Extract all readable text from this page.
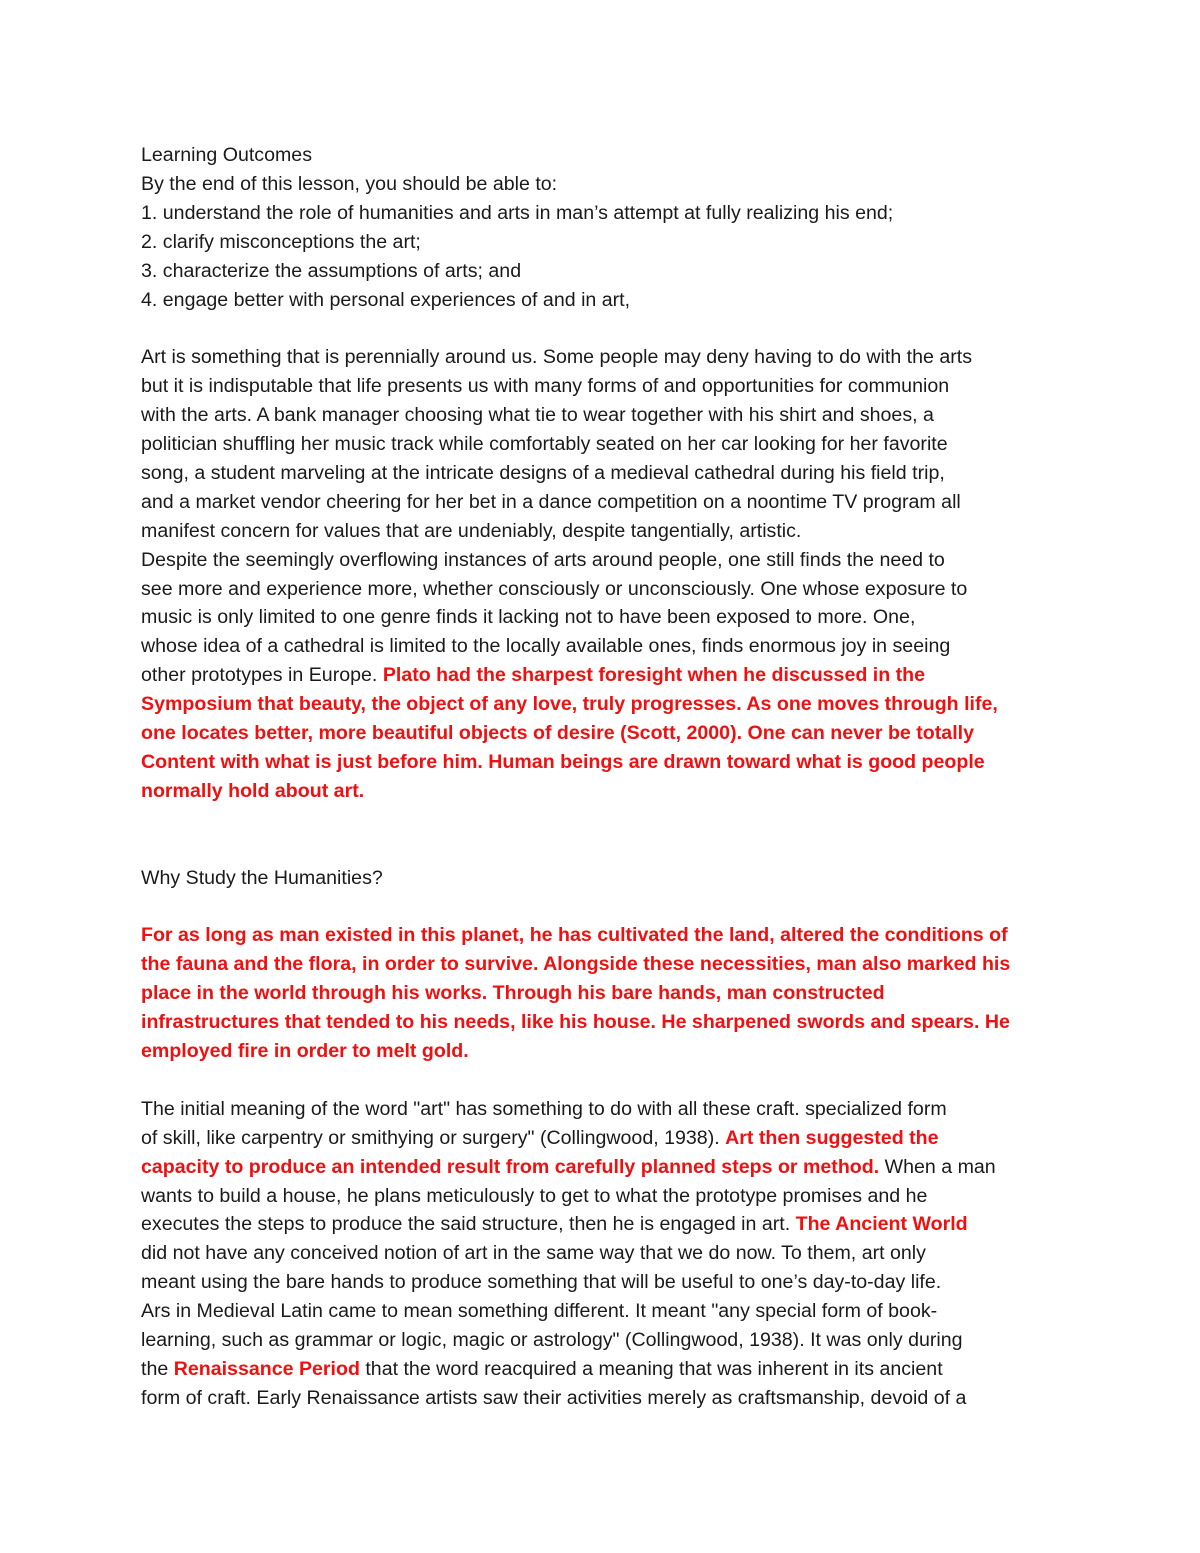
Learning Outcomes

By the end of this lesson, you should be able to:

1. understand the role of humanities and arts in man’s attempt at fully realizing his end;

2. clarify misconceptions the art;

3. characterize the assumptions of arts; and

4. engage better with personal experiences of and in art,

Art is something that is perennially around us. Some people may deny having to do with the arts

but it is indisputable that life presents us with many forms of and opportunities for communion

with the arts. A bank manager choosing what tie to wear together with his shirt and shoes, a

politician shuffling her music track while comfortably seated on her car looking for her favorite

song, a student marveling at the intricate designs of a medieval cathedral during his field trip,

and a market vendor cheering for her bet in a dance competition on a noontime TV program all

manifest concern for values that are undeniably, despite tangentially, artistic.

Despite the seemingly overflowing instances of arts around people, one still finds the need to

see more and experience more, whether consciously or unconsciously. One whose exposure to

music is only limited to one genre finds it lacking not to have been exposed to more. One,

whose idea of a cathedral is limited to the locally available ones, finds enormous joy in seeing

other prototypes in Europe. Plato had the sharpest foresight when he discussed in the

Symposium that beauty, the object of any love, truly progresses. As one moves through life,

one locates better, more beautiful objects of desire (Scott, 2000). One can never be totally

Content with what is just before him. Human beings are drawn toward what is good people

normally hold about art.

Why Study the Humanities?

For as long as man existed in this planet, he has cultivated the land, altered the conditions of

the fauna and the flora, in order to survive. Alongside these necessities, man also marked his

place in the world through his works. Through his bare hands, man constructed

infrastructures that tended to his needs, like his house. He sharpened swords and spears. He

employed fire in order to melt gold.

The initial meaning of the word "art" has something to do with all these craft. specialized form

of skill, like carpentry or smithying or surgery" (Collingwood, 1938). Art then suggested the

capacity to produce an intended result from carefully planned steps or method. When a man

wants to build a house, he plans meticulously to get to what the prototype promises and he

executes the steps to produce the said structure, then he is engaged in art. The Ancient World

did not have any conceived notion of art in the same way that we do now. To them, art only

meant using the bare hands to produce something that will be useful to one’s day-to-day life.

Ars in Medieval Latin came to mean something different. It meant "any special form of book-

learning, such as grammar or logic, magic or astrology" (Collingwood, 1938). It was only during

the Renaissance Period that the word reacquired a meaning that was inherent in its ancient

form of craft. Early Renaissance artists saw their activities merely as craftsmanship, devoid of a
